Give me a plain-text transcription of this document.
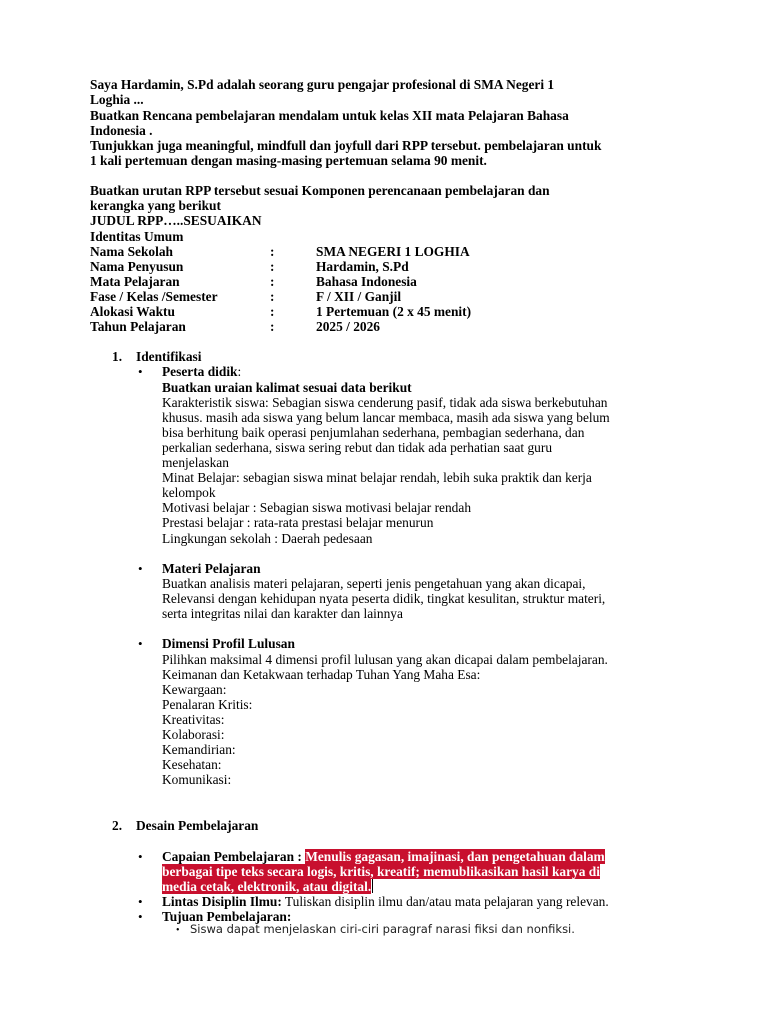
Saya Hardamin, S.Pd adalah seorang guru pengajar profesional di SMA Negeri 1
Loghia ...
Buatkan Rencana pembelajaran mendalam untuk kelas XII mata Pelajaran Bahasa
Indonesia .
Tunjukkan juga meaningful, mindfull dan joyfull dari RPP tersebut. pembelajaran untuk
1 kali pertemuan dengan masing-masing pertemuan selama 90 menit.
Buatkan urutan RPP tersebut sesuai Komponen perencanaan pembelajaran dan
kerangka yang berikut
JUDUL RPP…..SESUAIKAN
Identitas Umum
Nama Sekolah	:	SMA NEGERI 1 LOGHIA
Nama Penyusun	:	Hardamin, S.Pd
Mata Pelajaran	:	Bahasa Indonesia
Fase / Kelas /Semester	:	F / XII / Ganjil
Alokasi Waktu	:	1 Pertemuan (2 x 45 menit)
Tahun Pelajaran	:	2025 / 2026
1. Identifikasi
• Peserta didik:
Buatkan uraian kalimat sesuai data berikut
Karakteristik siswa: Sebagian siswa cenderung pasif, tidak ada siswa berkebutuhan
khusus. masih ada siswa yang belum lancar membaca, masih ada siswa yang belum
bisa berhitung baik operasi penjumlahan sederhana, pembagian sederhana, dan
perkalian sederhana, siswa sering rebut dan tidak ada perhatian saat guru
menjelaskan
Minat Belajar: sebagian siswa minat belajar rendah, lebih suka praktik dan kerja
kelompok
Motivasi belajar : Sebagian siswa motivasi belajar rendah
Prestasi belajar : rata-rata prestasi belajar menurun
Lingkungan sekolah : Daerah pedesaan
• Materi Pelajaran
Buatkan analisis materi pelajaran, seperti jenis pengetahuan yang akan dicapai,
Relevansi dengan kehidupan nyata peserta didik, tingkat kesulitan, struktur materi,
serta integritas nilai dan karakter dan lainnya
• Dimensi Profil Lulusan
Pilihkan maksimal 4 dimensi profil lulusan yang akan dicapai dalam pembelajaran.
Keimanan dan Ketakwaan terhadap Tuhan Yang Maha Esa:
Kewargaan:
Penalaran Kritis:
Kreativitas:
Kolaborasi:
Kemandirian:
Kesehatan:
Komunikasi:
2. Desain Pembelajaran
• Capaian Pembelajaran : Menulis gagasan, imajinasi, dan pengetahuan dalam
berbagai tipe teks secara logis, kritis, kreatif; memublikasikan hasil karya di
media cetak, elektronik, atau digital.
• Lintas Disiplin Ilmu: Tuliskan disiplin ilmu dan/atau mata pelajaran yang relevan.
• Tujuan Pembelajaran:
• Siswa dapat menjelaskan ciri-ciri paragraf narasi fiksi dan nonfiksi.
